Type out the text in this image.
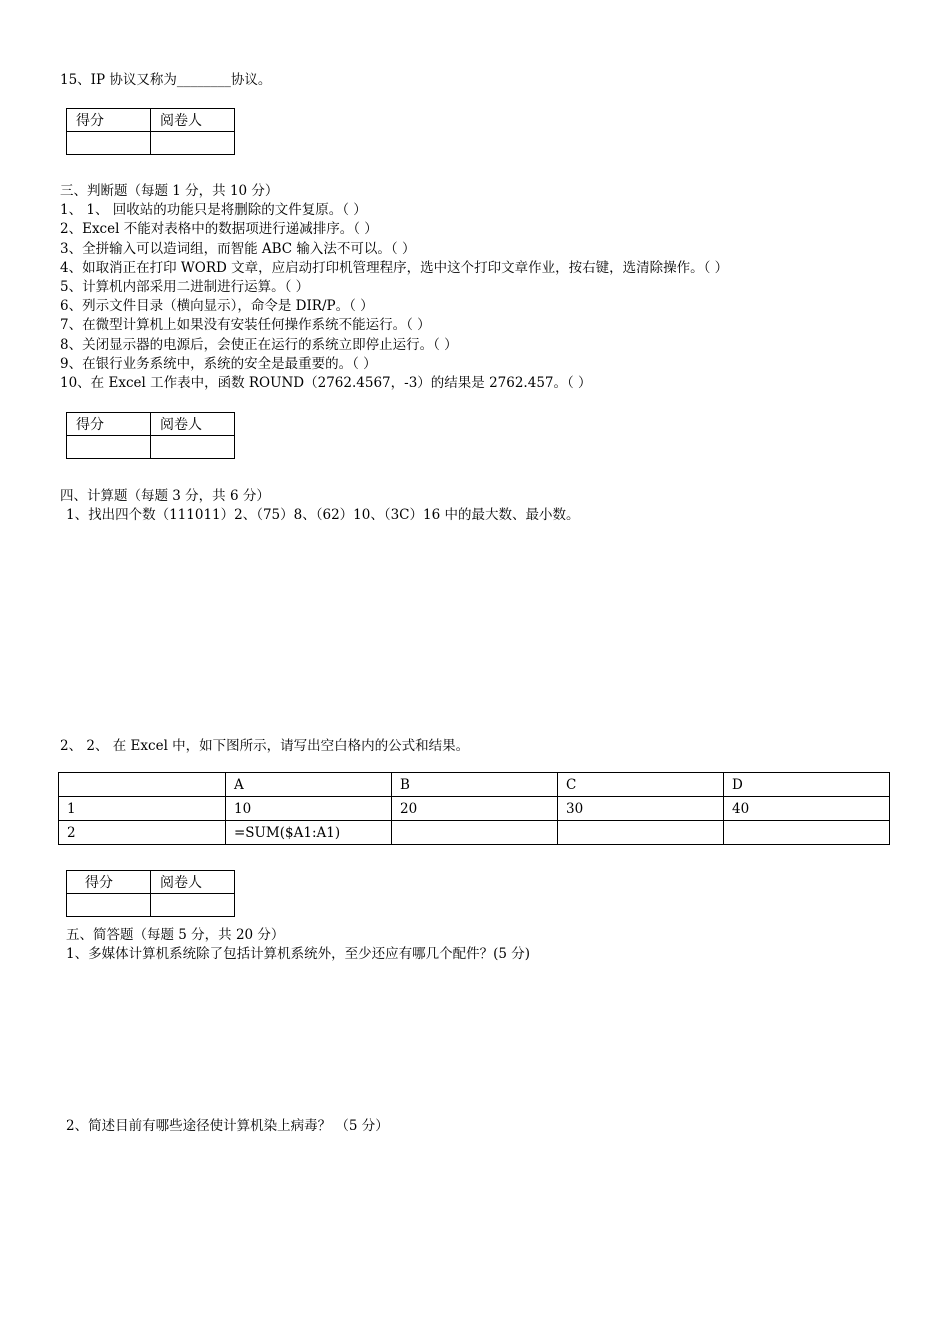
15、IP 协议又称为________协议。
得分	阅卷人

三、判断题（每题 1 分，共 10 分）
1、 1、 回收站的功能只是将删除的文件复原。（ ）
2、Excel 不能对表格中的数据项进行递减排序。（ ）
3、全拼输入可以造词组，而智能 ABC 输入法不可以。（ ）
4、如取消正在打印 WORD 文章，应启动打印机管理程序，选中这个打印文章作业，按右键，选清除操作。（ ）
5、计算机内部采用二进制进行运算。（ ）
6、列示文件目录（横向显示），命令是 DIR/P。（ ）
7、在微型计算机上如果没有安装任何操作系统不能运行。（ ）
8、关闭显示器的电源后，会使正在运行的系统立即停止运行。（ ）
9、在银行业务系统中，系统的安全是最重要的。（ ）
10、在 Excel 工作表中，函数 ROUND（2762.4567，-3）的结果是 2762.457。（ ）
得分	阅卷人

四、计算题（每题 3 分，共 6 分）
1、找出四个数（111011）2、（75）8、（62）10、（3C）16 中的最大数、最小数。
2、 2、 在 Excel 中，如下图所示，请写出空白格内的公式和结果。
	A	B	C	D
1	10	20	30	40
2	=SUM($A1:A1)			
得分	阅卷人

五、简答题（每题 5 分，共 20 分）
1、多媒体计算机系统除了包括计算机系统外，至少还应有哪几个配件？(5 分)
2、简述目前有哪些途径使计算机染上病毒？ （5 分）
